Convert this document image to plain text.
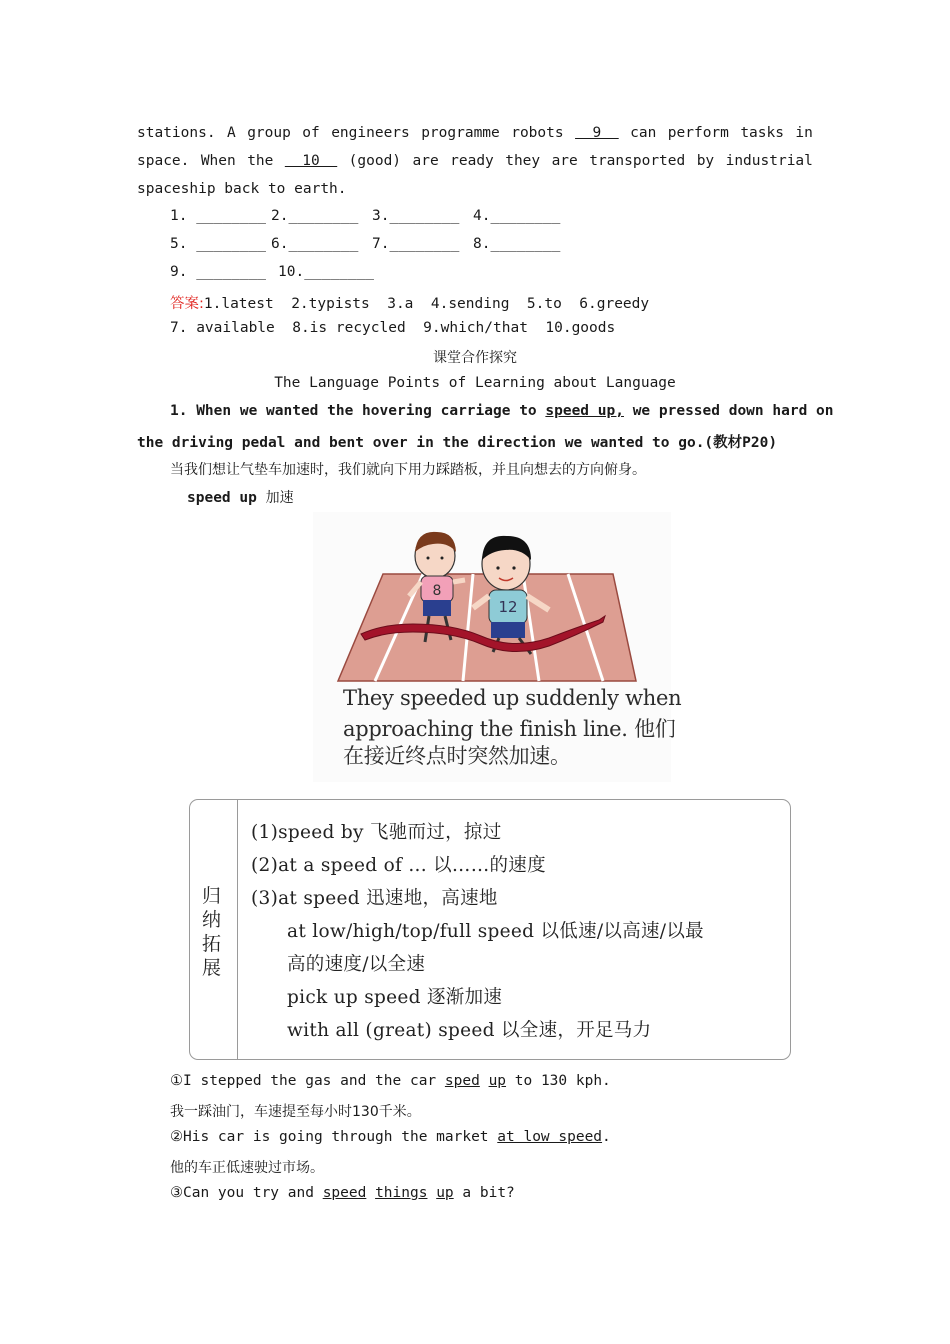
stations. A group of engineers programme robots 9 can perform tasks in
space. When the 10 (good) are ready they are transported by industrial
spaceship back to earth.
1. ________ 2.________ 3.________ 4.________
5. ________ 6.________ 7.________ 8.________
9. ________ 10.________
答案:1.latest  2.typists  3.a  4.sending  5.to  6.greedy
7. available  8.is recycled  9.which/that  10.goods
课堂合作探究
The Language Points of Learning about Language
1. When we wanted the hovering carriage to speed up, we pressed down hard on
the driving pedal and bent over in the direction we wanted to go.(教材P20)
当我们想让气垫车加速时，我们就向下用力踩踏板，并且向想去的方向俯身。
speed up 加速
8
12
They speeded up suddenly when
approaching the finish line. 他们
在接近终点时突然加速。
归纳拓展
(1)speed by 飞驰而过，掠过
(2)at a speed of ... 以……的速度
(3)at speed 迅速地，高速地
at low/high/top/full speed 以低速/以高速/以最
高的速度/以全速
pick up speed 逐渐加速
with all (great) speed 以全速，开足马力
①I stepped the gas and the car sped up to 130 kph.
我一踩油门，车速提至每小时130千米。
②His car is going through the market at low speed.
他的车正低速驶过市场。
③Can you try and speed things up a bit?
